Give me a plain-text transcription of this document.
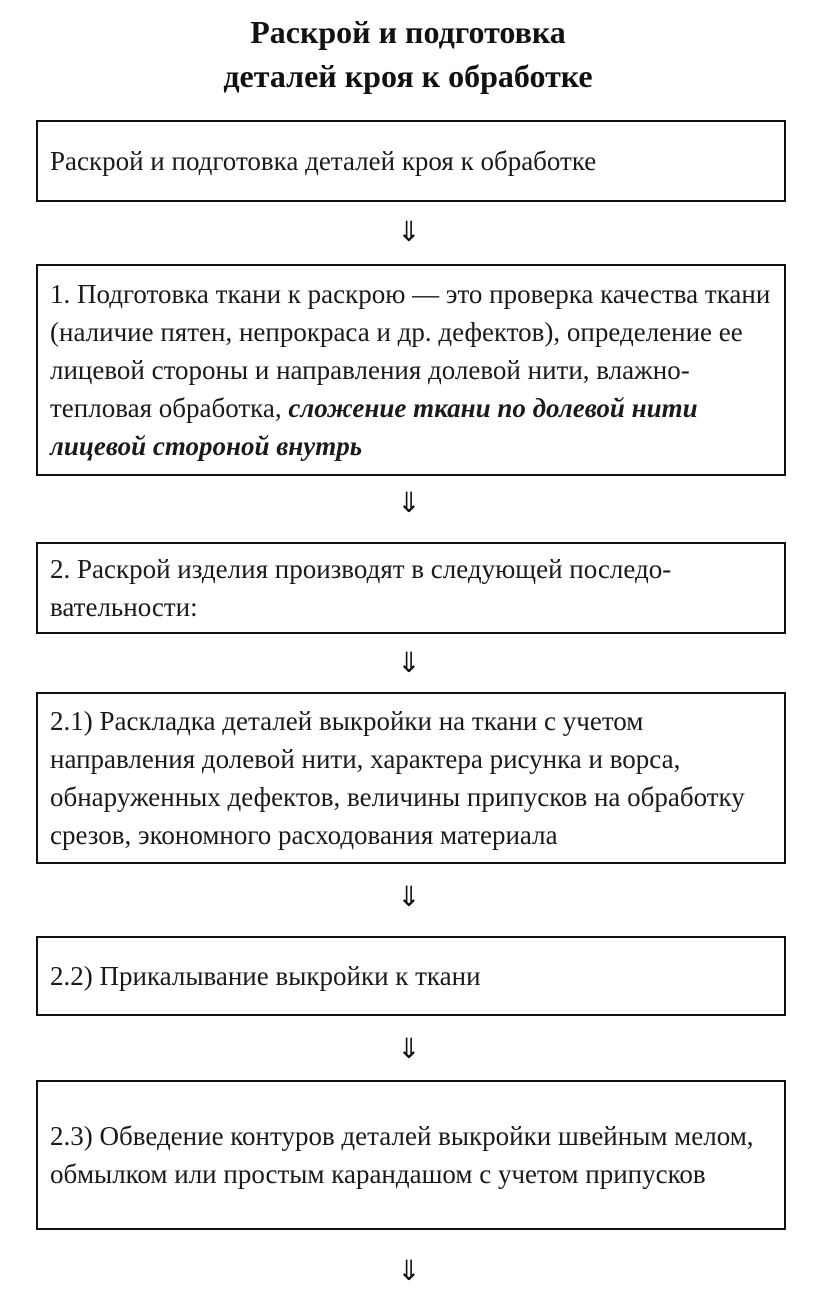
Раскрой и подготовка
деталей кроя к обработке
Раскрой и подготовка деталей кроя к обработке
⇓
1. Подготовка ткани к раскрою — это проверка качества ткани (наличие пятен, непрокраса и др. дефектов), определение ее лицевой стороны и направления долевой нити, влажно-тепловая обработка, сложение ткани по долевой нити лицевой стороной внутрь
⇓
2. Раскрой изделия производят в следующей последовательности:
⇓
2.1) Раскладка деталей выкройки на ткани с учетом направления долевой нити, характера рисунка и ворса, обнаруженных дефектов, величины припусков на обработку срезов, экономного расходования материала
⇓
2.2) Прикалывание выкройки к ткани
⇓
2.3) Обведение контуров деталей выкройки швейным мелом, обмылком или простым карандашом с учетом припусков
⇓
